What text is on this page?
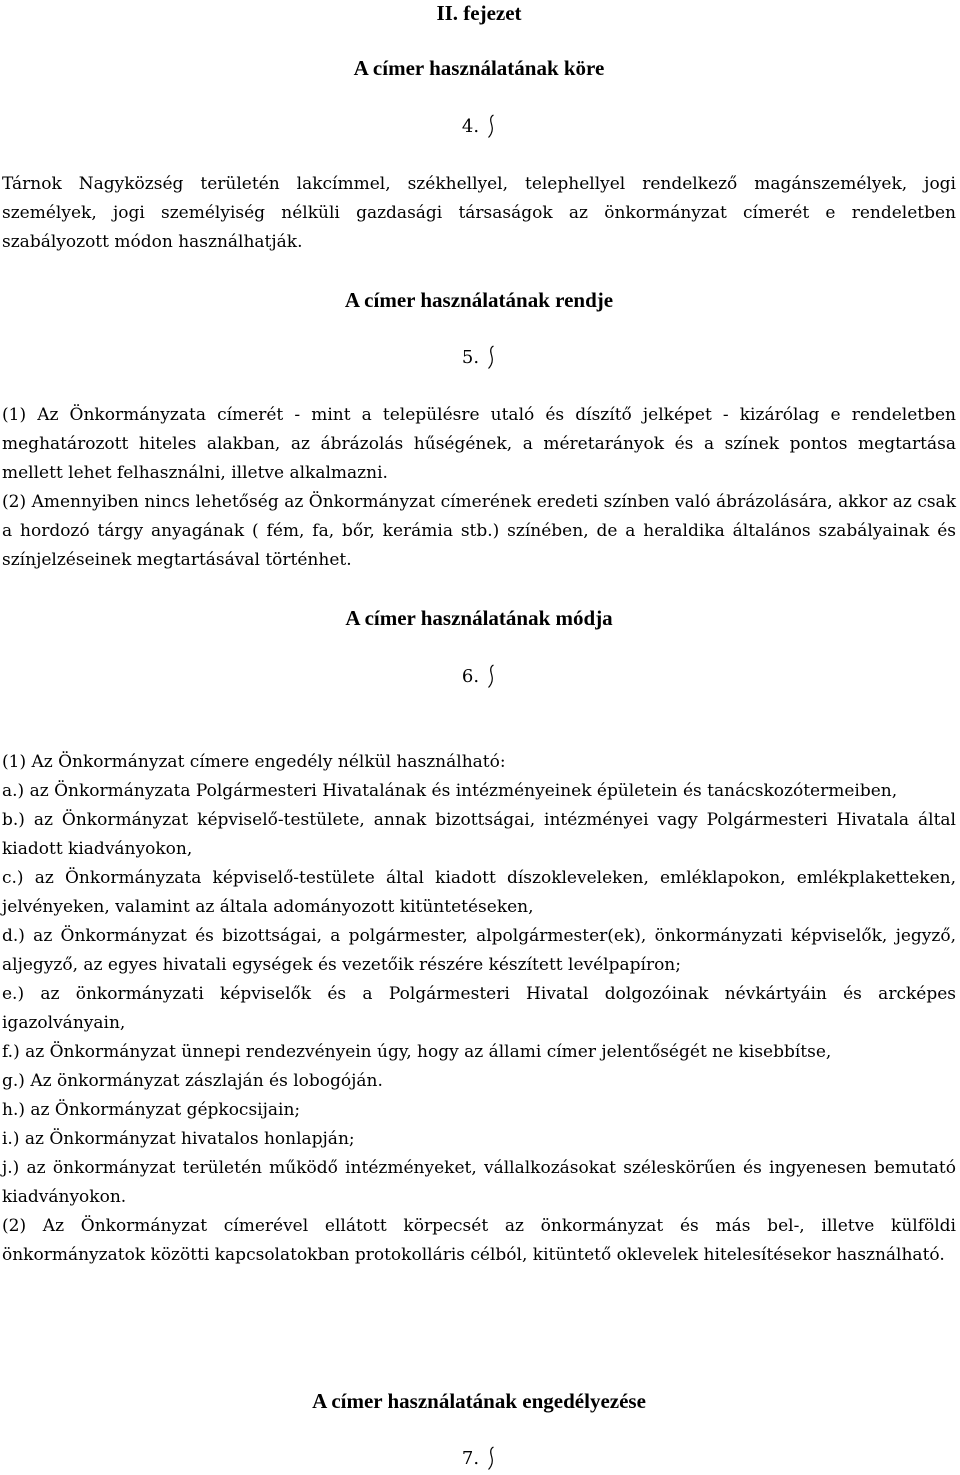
II. fejezet
A címer használatának köre
4.

Tárnok Nagyközség területén lakcímmel, székhellyel, telephellyel rendelkező magánszemélyek, jogi személyek, jogi személyiség nélküli gazdasági társaságok az önkormányzat címerét e rendeletben szabályozott módon használhatják.

A címer használatának rendje
5.

(1) Az Önkormányzata címerét - mint a településre utaló és díszítő jelképet - kizárólag e rendeletben meghatározott hiteles alakban, az ábrázolás hűségének, a méretarányok és a színek pontos megtartása mellett lehet felhasználni, illetve alkalmazni.

(2) Amennyiben nincs lehetőség az Önkormányzat címerének eredeti színben való ábrázolására, akkor az csak a hordozó tárgy anyagának ( fém, fa, bőr, kerámia stb.) színében, de a heraldika általános szabályainak és színjelzéseinek megtartásával történhet.

A címer használatának módja
6.

(1) Az Önkormányzat címere engedély nélkül használható:

a.) az Önkormányzata Polgármesteri Hivatalának és intézményeinek épületein és tanácskozótermeiben,

b.) az Önkormányzat képviselő-testülete, annak bizottságai, intézményei vagy Polgármesteri Hivatala által kiadott kiadványokon,

c.) az Önkormányzata képviselő-testülete által kiadott díszokleveleken, emléklapokon, emlékplaketteken, jelvényeken, valamint az általa adományozott kitüntetéseken,

d.) az Önkormányzat és bizottságai, a polgármester, alpolgármester(ek), önkormányzati képviselők, jegyző, aljegyző, az egyes hivatali egységek és vezetőik részére készített levélpapíron;

e.) az önkormányzati képviselők és a Polgármesteri Hivatal dolgozóinak névkártyáin és arcképes igazolványain,

f.) az Önkormányzat ünnepi rendezvényein úgy, hogy az állami címer jelentőségét ne kisebbítse,

g.) Az önkormányzat zászlaján és lobogóján.

h.) az Önkormányzat gépkocsijain;

i.) az Önkormányzat hivatalos honlapján;

j.) az önkormányzat területén működő intézményeket, vállalkozásokat széleskörűen és ingyenesen bemutató kiadványokon.

(2) Az Önkormányzat címerével ellátott körpecsét az önkormányzat és más bel-, illetve külföldi önkormányzatok közötti kapcsolatokban protokolláris célból, kitüntető oklevelek hitelesítésekor használható.

A címer használatának engedélyezése
7.
